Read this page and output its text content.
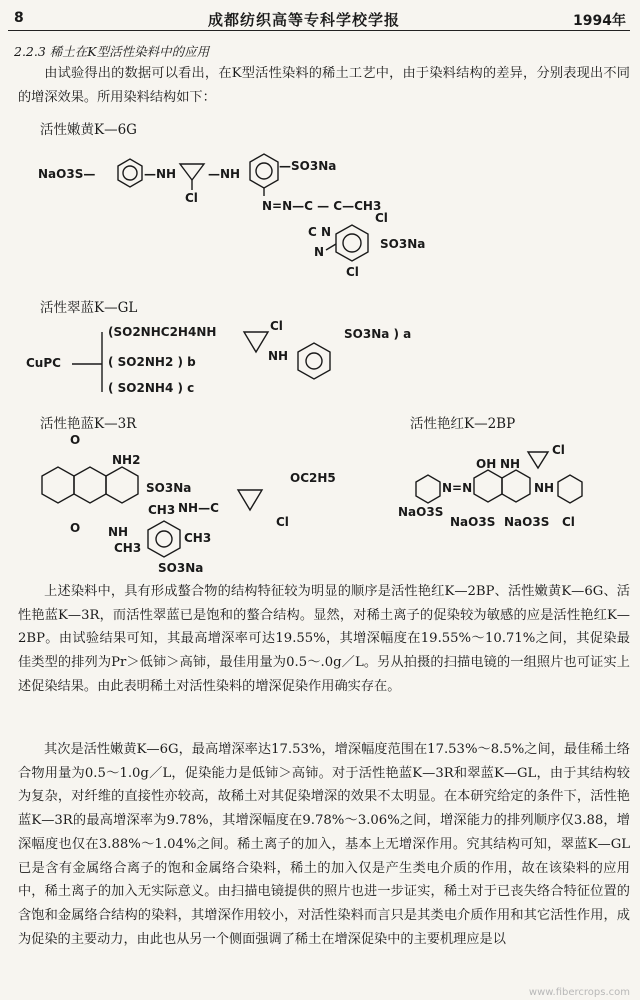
8	成都纺织高等专科学校学报	1994年
2.2.3 稀土在K型活性染料中的应用
由试验得出的数据可以看出，在K型活性染料的稀土工艺中，由于染料结构的差异，分别表现出不同的增深效果。所用染料结构如下：
活性嫩黄K—6G
NaO3S—	—NH
Cl
—NH
—SO3Na
N=N—C — C—CH3
C N
N
Cl
SO3Na
Cl
活性翠蓝K—GL
CuPC
(SO2NHC2H4NH
( SO2NH2 ) b
( SO2NH4 ) c
Cl
NH
SO3Na ) a
活性艳蓝K—3R
O
NH2
SO3Na
O NH
CH3
CH3
CH3
NH—C
OC2H5
Cl
SO3Na
活性艳红K—2BP
OH NH
Cl
N=N	NH
NaO3S
NaO3S NaO3S Cl
上述染料中，具有形成螯合物的结构特征较为明显的顺序是活性艳红K—2BP、活性嫩黄K—6G、活性艳蓝K—3R，而活性翠蓝已是饱和的螯合结构。显然，对稀土离子的促染较为敏感的应是活性艳红K—2BP。由试验结果可知，其最高增深率可达19.55%，其增深幅度在19.55%～10.71%之间，其促染最佳类型的排列为Pr＞低铈＞高铈，最佳用量为0.5～.0g／L。另从拍摄的扫描电镜的一组照片也可证实上述促染结果。由此表明稀土对活性染料的增深促染作用确实存在。
其次是活性嫩黄K—6G，最高增深率达17.53%，增深幅度范围在17.53%～8.5%之间，最佳稀土络合物用量为0.5～1.0g／L，促染能力是低铈＞高铈。对于活性艳蓝K—3R和翠蓝K—GL，由于其结构较为复杂，对纤维的直接性亦较高，故稀土对其促染增深的效果不太明显。在本研究给定的条件下，活性艳蓝K—3R的最高增深率为9.78%，其增深幅度在9.78%～3.06%之间，增深能力的排列顺序仅3.88，增深幅度也仅在3.88%～1.04%之间。稀土离子的加入，基本上无增深作用。究其结构可知，翠蓝K—GL已是含有金属络合离子的饱和金属络合染料，稀土的加入仅是产生类电介质的作用，故在该染料的应用中，稀土离子的加入无实际意义。由扫描电镜提供的照片也进一步证实，稀土对于已丧失络合特征位置的含饱和金属络合结构的染料，其增深作用较小，对活性染料而言只是其类电介质作用和其它活性作用，成为促染的主要动力，由此也从另一个侧面强调了稀土在增深促染中的主要机理应是以
www.fibercrops.com
